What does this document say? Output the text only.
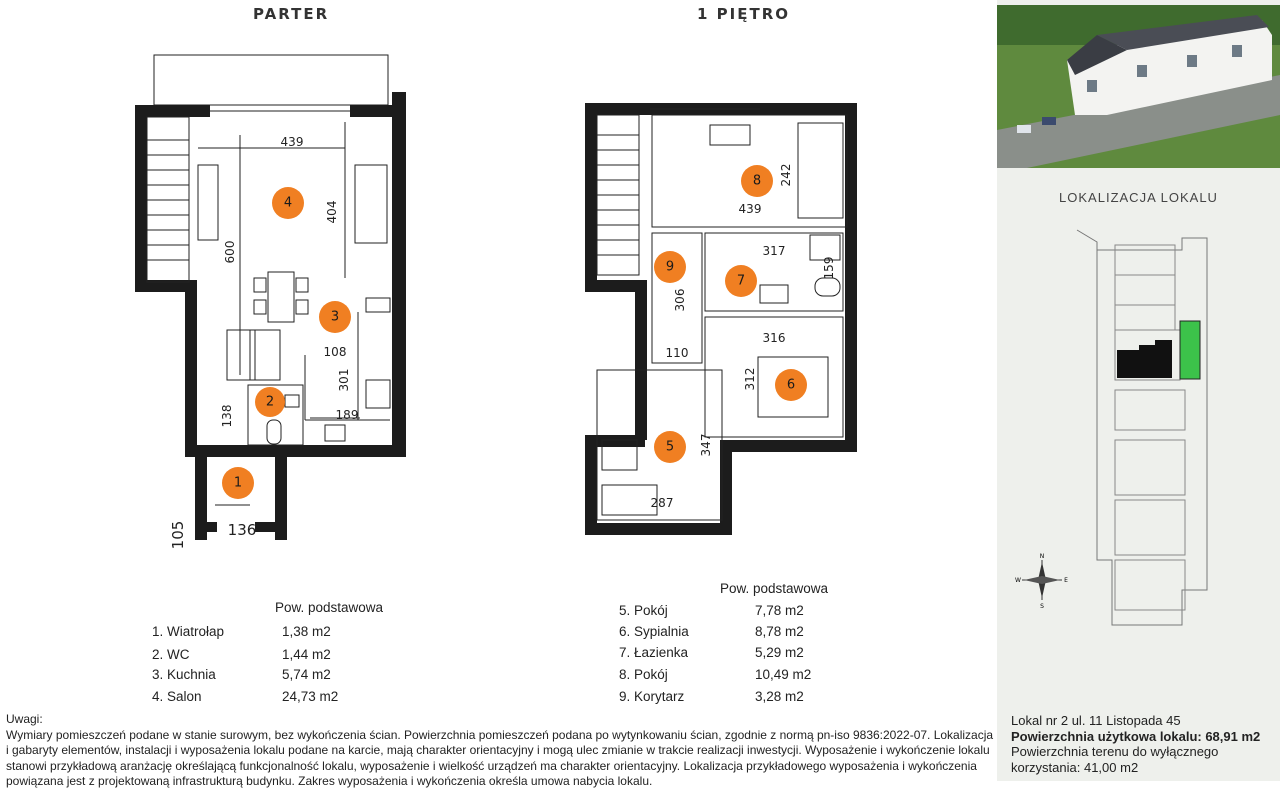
PARTER	1 PIĘTRO
439
404
600
108
301
189
138
136
105
1
2
3
4	439
242
317
159
306
110
316
312
347
287
5
6
7
8
9
Pow. podstawowa
1. Wiatrołap	1,38 m2
2. WC	1,44 m2
3. Kuchnia	5,74 m2
4. Salon	24,73 m2
Pow. podstawowa
5. Pokój	7,78 m2
6. Sypialnia	8,78 m2
7. Łazienka	5,29 m2
8. Pokój	10,49 m2
9. Korytarz	3,28 m2
LOKALIZACJA LOKALU
N
E
S
W
Uwagi:
Wymiary pomieszczeń podane w stanie surowym, bez wykończenia ścian. Powierzchnia pomieszczeń podana po wytynkowaniu ścian, zgodnie z normą pn-iso 9836:2022-07. Lokalizacja i gabaryty elementów, instalacji i wyposażenia lokalu podane na karcie, mają charakter orientacyjny i mogą ulec zmianie w trakcie realizacji inwestycji. Wyposażenie i wykończenie lokalu stanowi przykładową aranżację określającą funkcjonalność lokalu, wyposażenie i wielkość urządzeń ma charakter orientacyjny. Lokalizacja przykładowego wyposażenia i wykończenia powiązana jest z projektowaną infrastrukturą budynku. Zakres wyposażenia i wykończenia określa umowa nabycia lokalu.
Lokal nr 2 ul. 11 Listopada 45
Powierzchnia użytkowa lokalu: 68,91 m2
Powierzchnia terenu do wyłącznego korzystania: 41,00 m2
